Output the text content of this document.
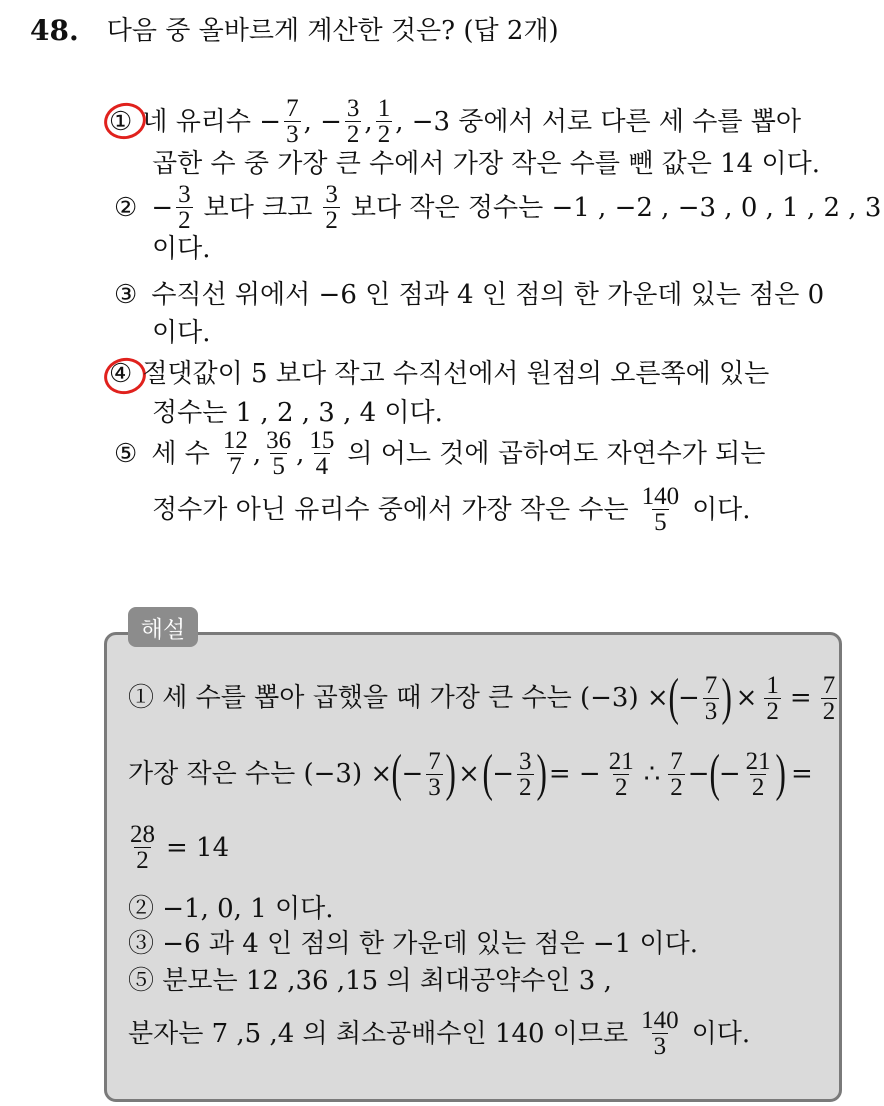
48. 다음 중 올바르게 계산한 것은? (답 2개)
① 네 유리수 − $\frac{7}{3}$ , − $\frac{3}{2}$ , $\frac{1}{2}$ , −3 중에서 서로 다른 세 수를 뽑아
곱한 수 중 가장 큰 수에서 가장 작은 수를 뺀 값은 14 이다.
② − $\frac{3}{2}$ 보다 크고 $\frac{3}{2}$ 보다 작은 정수는 −1 , −2 , −3 , 0 , 1 , 2 , 3
이다.
③ 수직선 위에서 −6 인 점과 4 인 점의 한 가운데 있는 점은 0
이다.
④ 절댓값이 5 보다 작고 수직선에서 원점의 오른쪽에 있는
정수는 1 , 2 , 3 , 4 이다.
⑤ 세 수 $\frac{12}{7}$ , $\frac{36}{5}$ , $\frac{15}{4}$ 의 어느 것에 곱하여도 자연수가 되는
정수가 아닌 유리수 중에서 가장 작은 수는 $\frac{140}{5}$ 이다.
해설
① 세 수를 뽑아 곱했을 때 가장 큰 수는 (−3) × ( − $\frac{7}{3}$ ) × $\frac{1}{2} = \frac{7}{2}$
가장 작은 수는 (−3) × ( − $\frac{7}{3}$ ) × ( − $\frac{3}{2}$ ) = − $\frac{21}{2}$ ∴ $\frac{7}{2}$ − ( − $\frac{21}{2}$ ) =
$\frac{28}{2} = 14$
② −1, 0, 1 이다.
③ −6 과 4 인 점의 한 가운데 있는 점은 −1 이다.
⑤ 분모는 12 ,36 ,15 의 최대공약수인 3 ,
분자는 7 ,5 ,4 의 최소공배수인 140 이므로 $\frac{140}{3}$ 이다.
